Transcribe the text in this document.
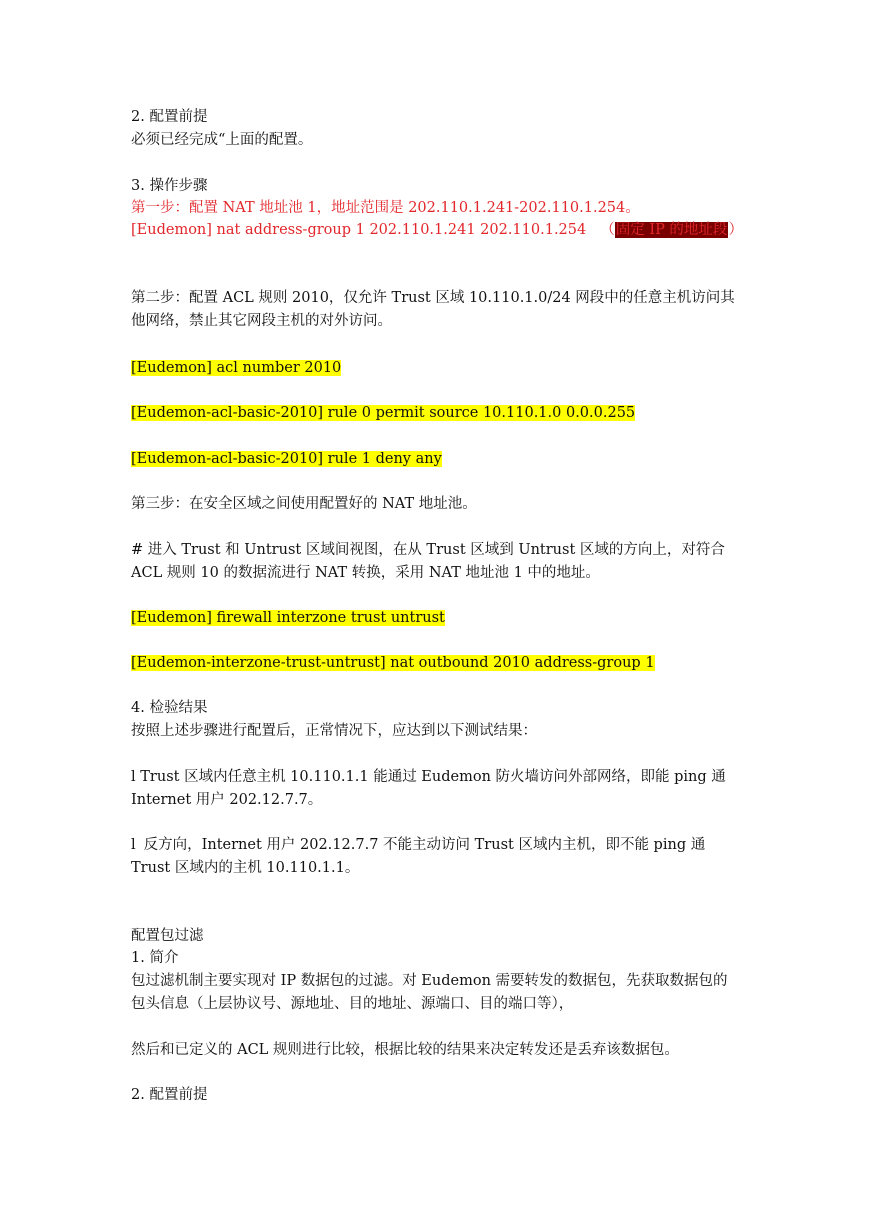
2. 配置前提
必须已经完成“上面的配置。
3. 操作步骤
第一步：配置 NAT 地址池 1，地址范围是 202.110.1.241-202.110.1.254。
[Eudemon] nat address-group 1 202.110.1.241 202.110.1.254 （固定 IP 的地址段）
第二步：配置 ACL 规则 2010，仅允许 Trust 区域 10.110.1.0/24 网段中的任意主机访问其他网络，禁止其它网段主机的对外访问。
[Eudemon] acl number 2010
[Eudemon-acl-basic-2010] rule 0 permit source 10.110.1.0 0.0.0.255
[Eudemon-acl-basic-2010] rule 1 deny any
第三步：在安全区域之间使用配置好的 NAT 地址池。
# 进入 Trust 和 Untrust 区域间视图，在从 Trust 区域到 Untrust 区域的方向上，对符合 ACL 规则 10 的数据流进行 NAT 转换，采用 NAT 地址池 1 中的地址。
[Eudemon] firewall interzone trust untrust
[Eudemon-interzone-trust-untrust] nat outbound 2010 address-group 1
4. 检验结果
按照上述步骤进行配置后，正常情况下，应达到以下测试结果：
l Trust 区域内任意主机 10.110.1.1 能通过 Eudemon 防火墙访问外部网络，即能 ping 通 Internet 用户 202.12.7.7。
l 反方向，Internet 用户 202.12.7.7 不能主动访问 Trust 区域内主机，即不能 ping 通 Trust 区域内的主机 10.110.1.1。
配置包过滤
1. 简介
包过滤机制主要实现对 IP 数据包的过滤。对 Eudemon 需要转发的数据包，先获取数据包的包头信息（上层协议号、源地址、目的地址、源端口、目的端口等），
然后和已定义的 ACL 规则进行比较，根据比较的结果来决定转发还是丢弃该数据包。
2. 配置前提
